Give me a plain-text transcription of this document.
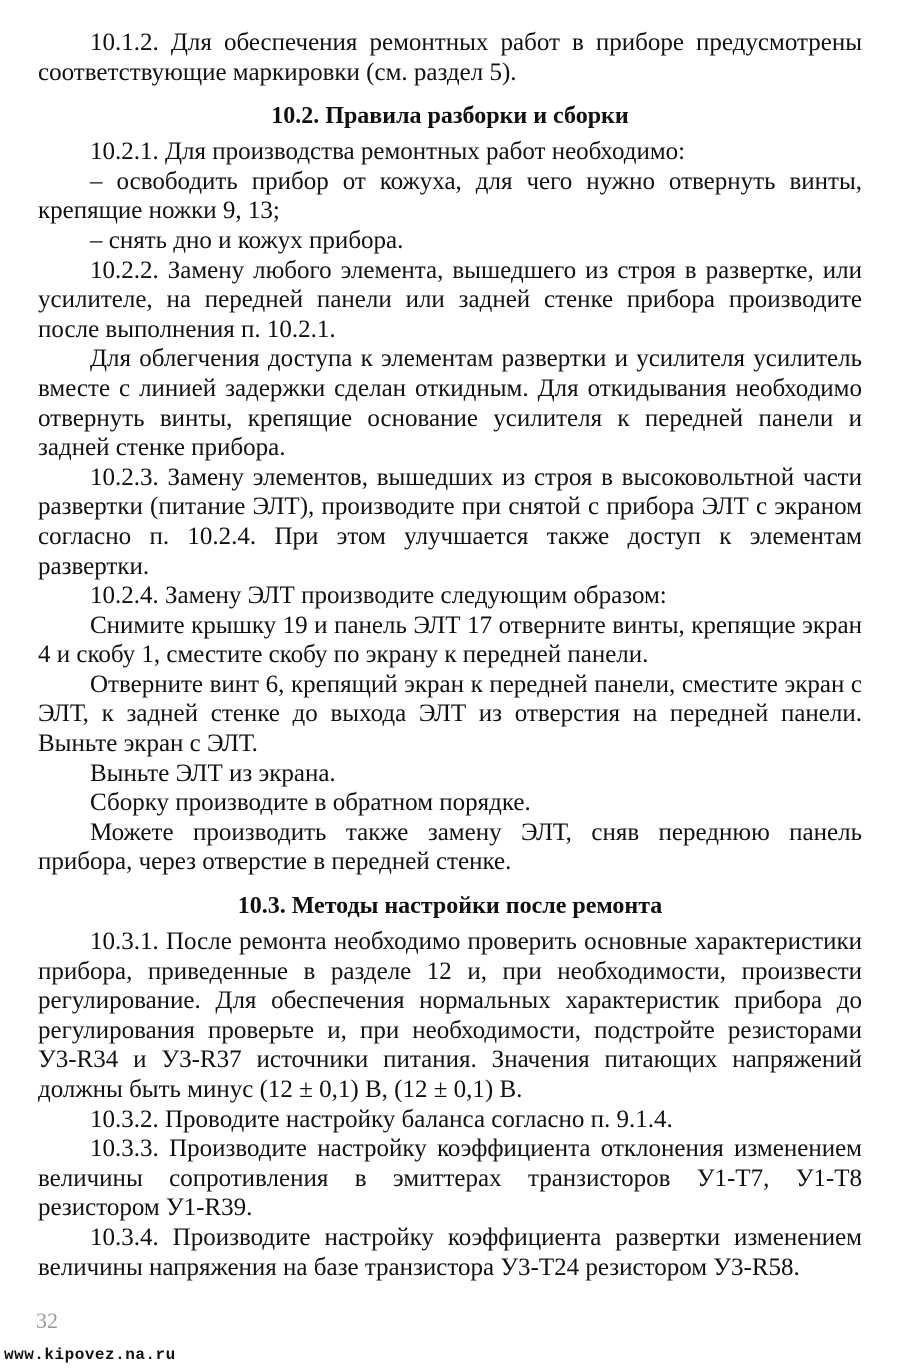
10.1.2. Для обеспечения ремонтных работ в приборе предусмотрены соответствующие маркировки (см. раздел 5).

10.2. Правила разборки и сборки

10.2.1. Для производства ремонтных работ необходимо:

– освободить прибор от кожуха, для чего нужно отвернуть винты, крепящие ножки 9, 13;

– снять дно и кожух прибора.

10.2.2. Замену любого элемента, вышедшего из строя в развертке, или усилителе, на передней панели или задней стенке прибора производите после выполнения п. 10.2.1.

Для облегчения доступа к элементам развертки и усилителя усилитель вместе с линией задержки сделан откидным. Для откидывания необходимо отвернуть винты, крепящие основание усилителя к передней панели и задней стенке прибора.

10.2.3. Замену элементов, вышедших из строя в высоковольтной части развертки (питание ЭЛТ), производите при снятой с прибора ЭЛТ с экраном согласно п. 10.2.4. При этом улучшается также доступ к элементам развертки.

10.2.4. Замену ЭЛТ производите следующим образом:

Снимите крышку 19 и панель ЭЛТ 17 отверните винты, крепящие экран 4 и скобу 1, сместите скобу по экрану к передней панели.

Отверните винт 6, крепящий экран к передней панели, сместите экран с ЭЛТ, к задней стенке до выхода ЭЛТ из отверстия на передней панели. Выньте экран с ЭЛТ.

Выньте ЭЛТ из экрана.

Сборку производите в обратном порядке.

Можете производить также замену ЭЛТ, сняв переднюю панель прибора, через отверстие в передней стенке.

10.3. Методы настройки после ремонта

10.3.1. После ремонта необходимо проверить основные характеристики прибора, приведенные в разделе 12 и, при необходимости, произвести регулирование. Для обеспечения нормальных характеристик прибора до регулирования проверьте и, при необходимости, подстройте резисторами У3-R34 и У3-R37 источники питания. Значения питающих напряжений должны быть минус (12 ± 0,1) В, (12 ± 0,1) В.

10.3.2. Проводите настройку баланса согласно п. 9.1.4.

10.3.3. Производите настройку коэффициента отклонения изменением величины сопротивления в эмиттерах транзисторов У1-Т7, У1-Т8 резистором У1-R39.

10.3.4. Производите настройку коэффициента развертки изменением величины напряжения на базе транзистора У3-Т24 резистором У3-R58.

32
www.kipovez.na.ru
